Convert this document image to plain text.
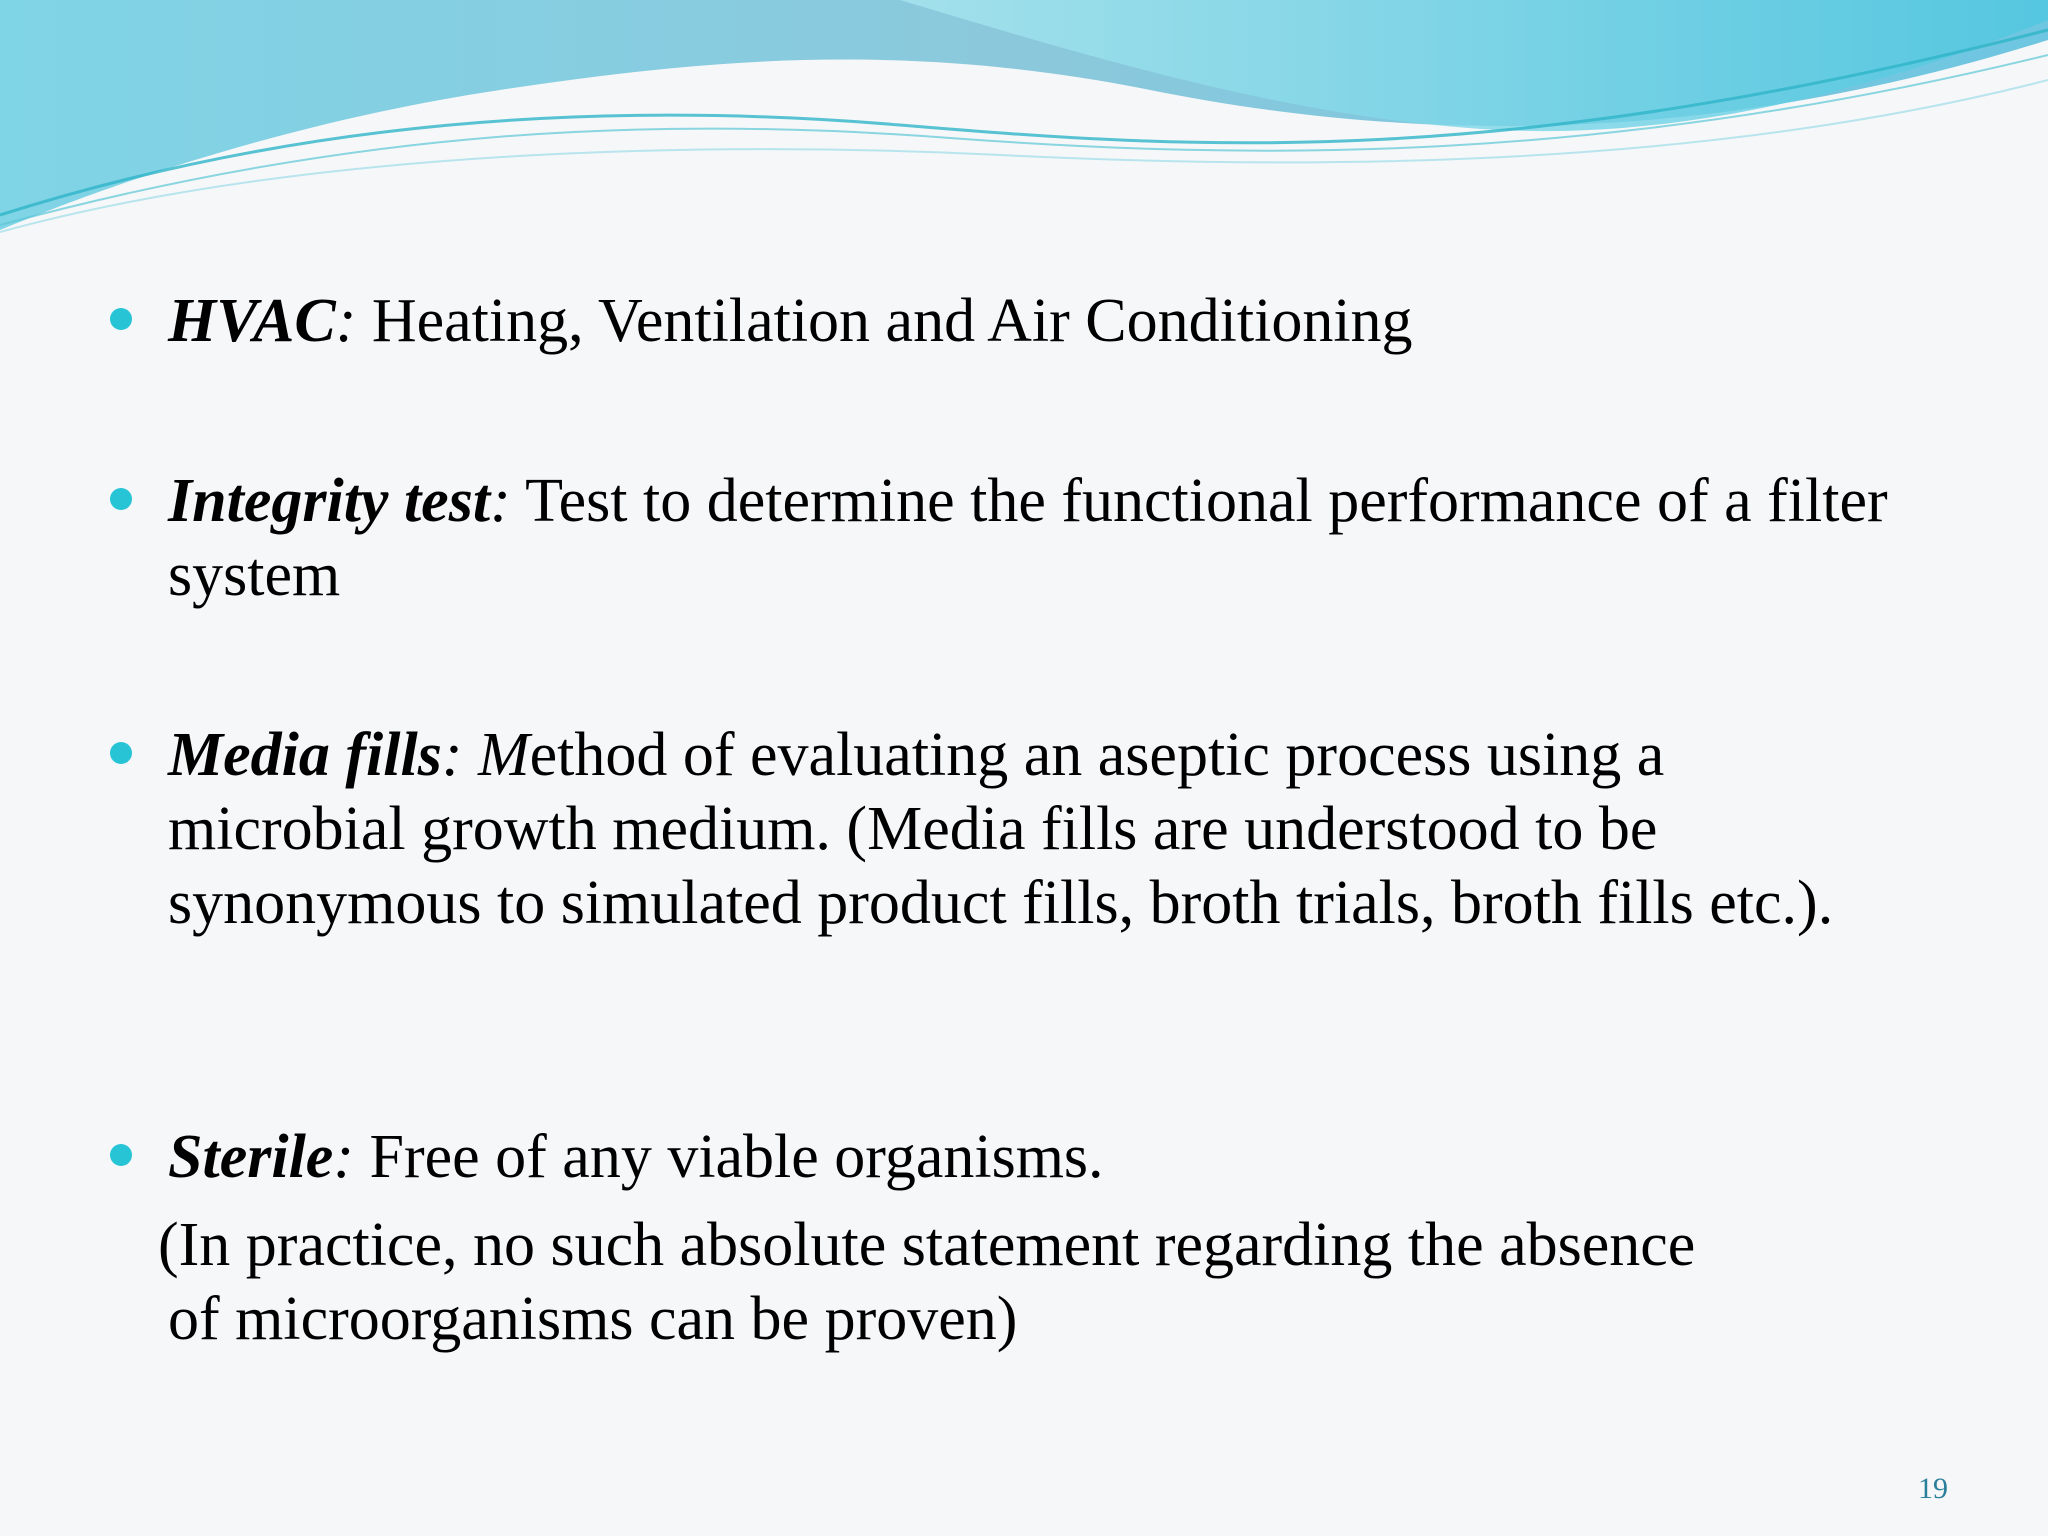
HVAC: Heating, Ventilation and Air Conditioning
Integrity test: Test to determine the functional performance of a filter system
Media fills: Method of evaluating an aseptic process using a microbial growth medium. (Media fills are understood to be synonymous to simulated product fills, broth trials, broth fills etc.).
Sterile: Free of any viable organisms.
(In practice, no such absolute statement regarding the absence
of microorganisms can be proven)
19
